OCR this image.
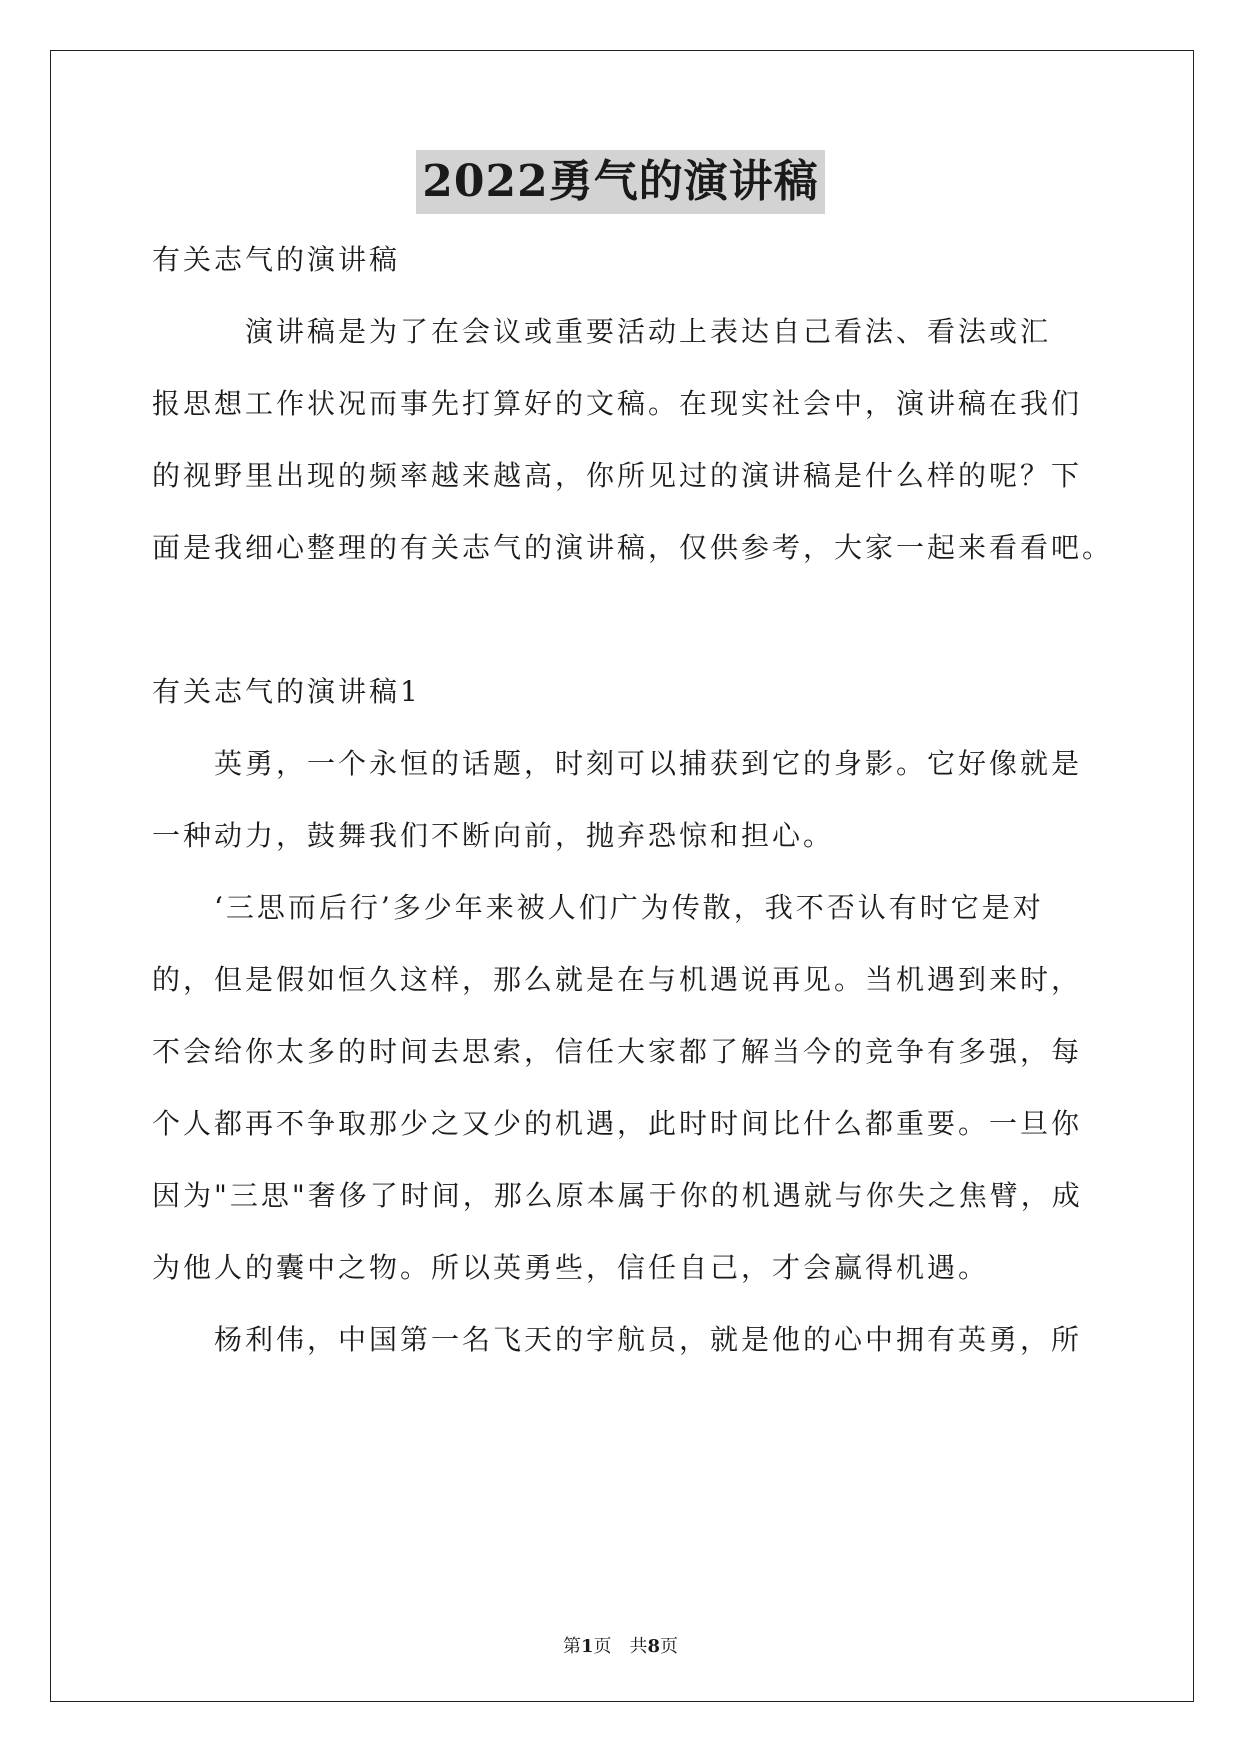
2022勇气的演讲稿
有关志气的演讲稿
　　　演讲稿是为了在会议或重要活动上表达自己看法、看法或汇
报思想工作状况而事先打算好的文稿。在现实社会中，演讲稿在我们
的视野里出现的频率越来越高，你所见过的演讲稿是什么样的呢？下
面是我细心整理的有关志气的演讲稿，仅供参考，大家一起来看看吧。
有关志气的演讲稿1
　　英勇，一个永恒的话题，时刻可以捕获到它的身影。它好像就是
一种动力，鼓舞我们不断向前，抛弃恐惊和担心。
　　‘三思而后行’多少年来被人们广为传散，我不否认有时它是对
的，但是假如恒久这样，那么就是在与机遇说再见。当机遇到来时，
不会给你太多的时间去思索，信任大家都了解当今的竞争有多强，每
个人都再不争取那少之又少的机遇，此时时间比什么都重要。一旦你
因为"三思"奢侈了时间，那么原本属于你的机遇就与你失之焦臂，成
为他人的囊中之物。所以英勇些，信任自己，才会赢得机遇。
　　杨利伟，中国第一名飞天的宇航员，就是他的心中拥有英勇，所
第1页　共8页
